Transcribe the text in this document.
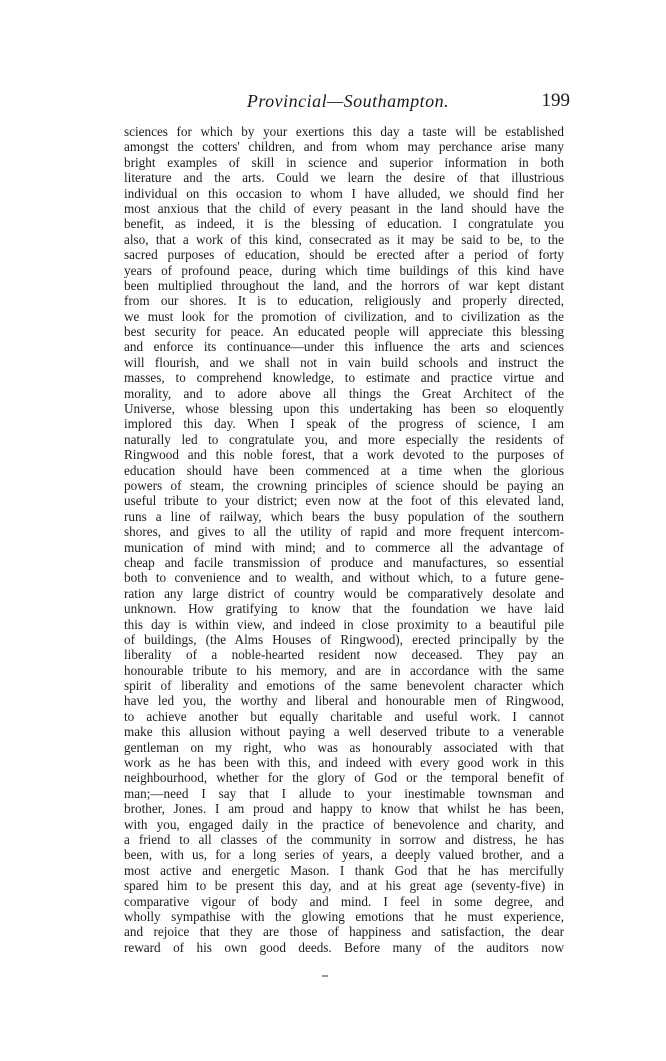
Provincial—Southampton.	199
sciences for which by your exertions this day a taste will be established
amongst the cotters' children, and from whom may perchance arise many
bright examples of skill in science and superior information in both
literature and the arts. Could we learn the desire of that illustrious
individual on this occasion to whom I have alluded, we should find her
most anxious that the child of every peasant in the land should have the
benefit, as indeed, it is the blessing of education. I congratulate you
also, that a work of this kind, consecrated as it may be said to be, to the
sacred purposes of education, should be erected after a period of forty
years of profound peace, during which time buildings of this kind have
been multiplied throughout the land, and the horrors of war kept distant
from our shores. It is to education, religiously and properly directed,
we must look for the promotion of civilization, and to civilization as the
best security for peace. An educated people will appreciate this blessing
and enforce its continuance—under this influence the arts and sciences
will flourish, and we shall not in vain build schools and instruct the
masses, to comprehend knowledge, to estimate and practice virtue and
morality, and to adore above all things the Great Architect of the
Universe, whose blessing upon this undertaking has been so eloquently
implored this day. When I speak of the progress of science, I am
naturally led to congratulate you, and more especially the residents of
Ringwood and this noble forest, that a work devoted to the purposes of
education should have been commenced at a time when the glorious
powers of steam, the crowning principles of science should be paying an
useful tribute to your district; even now at the foot of this elevated land,
runs a line of railway, which bears the busy population of the southern
shores, and gives to all the utility of rapid and more frequent intercom-
munication of mind with mind; and to commerce all the advantage of
cheap and facile transmission of produce and manufactures, so essential
both to convenience and to wealth, and without which, to a future gene-
ration any large district of country would be comparatively desolate and
unknown. How gratifying to know that the foundation we have laid
this day is within view, and indeed in close proximity to a beautiful pile
of buildings, (the Alms Houses of Ringwood), erected principally by the
liberality of a noble-hearted resident now deceased. They pay an
honourable tribute to his memory, and are in accordance with the same
spirit of liberality and emotions of the same benevolent character which
have led you, the worthy and liberal and honourable men of Ringwood,
to achieve another but equally charitable and useful work. I cannot
make this allusion without paying a well deserved tribute to a venerable
gentleman on my right, who was as honourably associated with that
work as he has been with this, and indeed with every good work in this
neighbourhood, whether for the glory of God or the temporal benefit of
man;—need I say that I allude to your inestimable townsman and
brother, Jones. I am proud and happy to know that whilst he has been,
with you, engaged daily in the practice of benevolence and charity, and
a friend to all classes of the community in sorrow and distress, he has
been, with us, for a long series of years, a deeply valued brother, and a
most active and energetic Mason. I thank God that he has mercifully
spared him to be present this day, and at his great age (seventy-five) in
comparative vigour of body and mind. I feel in some degree, and
wholly sympathise with the glowing emotions that he must experience,
and rejoice that they are those of happiness and satisfaction, the dear
reward of his own good deeds. Before many of the auditors now
